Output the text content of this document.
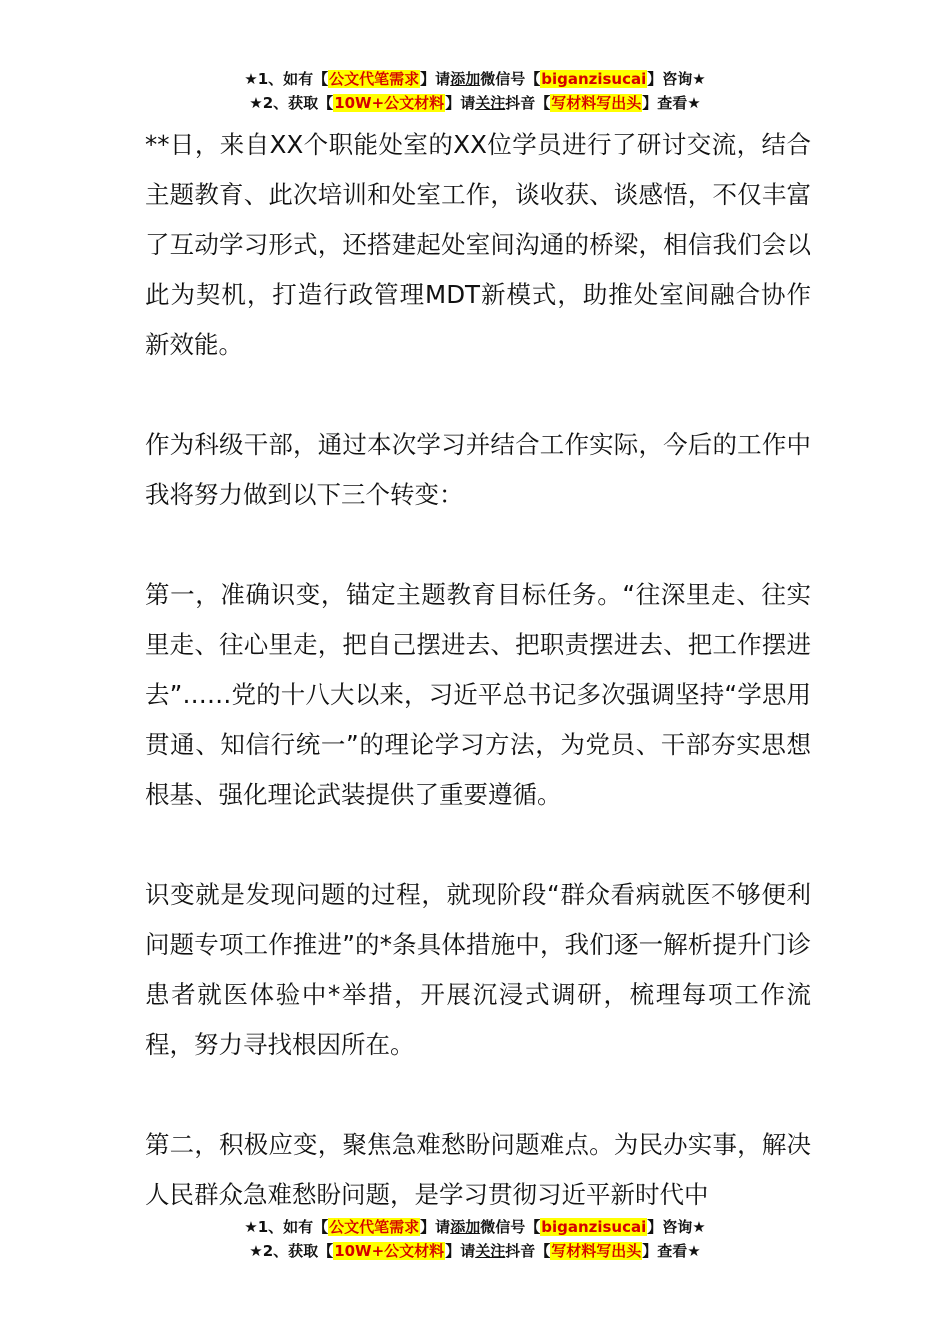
★1、如有【公文代笔需求】请添加微信号【biganzisucai】咨询★
★2、获取【10W+公文材料】请关注抖音【写材料写出头】查看★

**日，来自XX个职能处室的XX位学员进行了研讨交流，结合主题教育、此次培训和处室工作，谈收获、谈感悟，不仅丰富了互动学习形式，还搭建起处室间沟通的桥梁，相信我们会以此为契机，打造行政管理MDT新模式，助推处室间融合协作新效能。

作为科级干部，通过本次学习并结合工作实际，今后的工作中我将努力做到以下三个转变：

第一，准确识变，锚定主题教育目标任务。“往深里走、往实里走、往心里走，把自己摆进去、把职责摆进去、把工作摆进去”……党的十八大以来，习近平总书记多次强调坚持“学思用贯通、知信行统一”的理论学习方法，为党员、干部夯实思想根基、强化理论武装提供了重要遵循。

识变就是发现问题的过程，就现阶段“群众看病就医不够便利问题专项工作推进”的*条具体措施中，我们逐一解析提升门诊患者就医体验中*举措，开展沉浸式调研，梳理每项工作流程，努力寻找根因所在。

第二，积极应变，聚焦急难愁盼问题难点。为民办实事，解决人民群众急难愁盼问题，是学习贯彻习近平新时代中

★1、如有【公文代笔需求】请添加微信号【biganzisucai】咨询★
★2、获取【10W+公文材料】请关注抖音【写材料写出头】查看★
